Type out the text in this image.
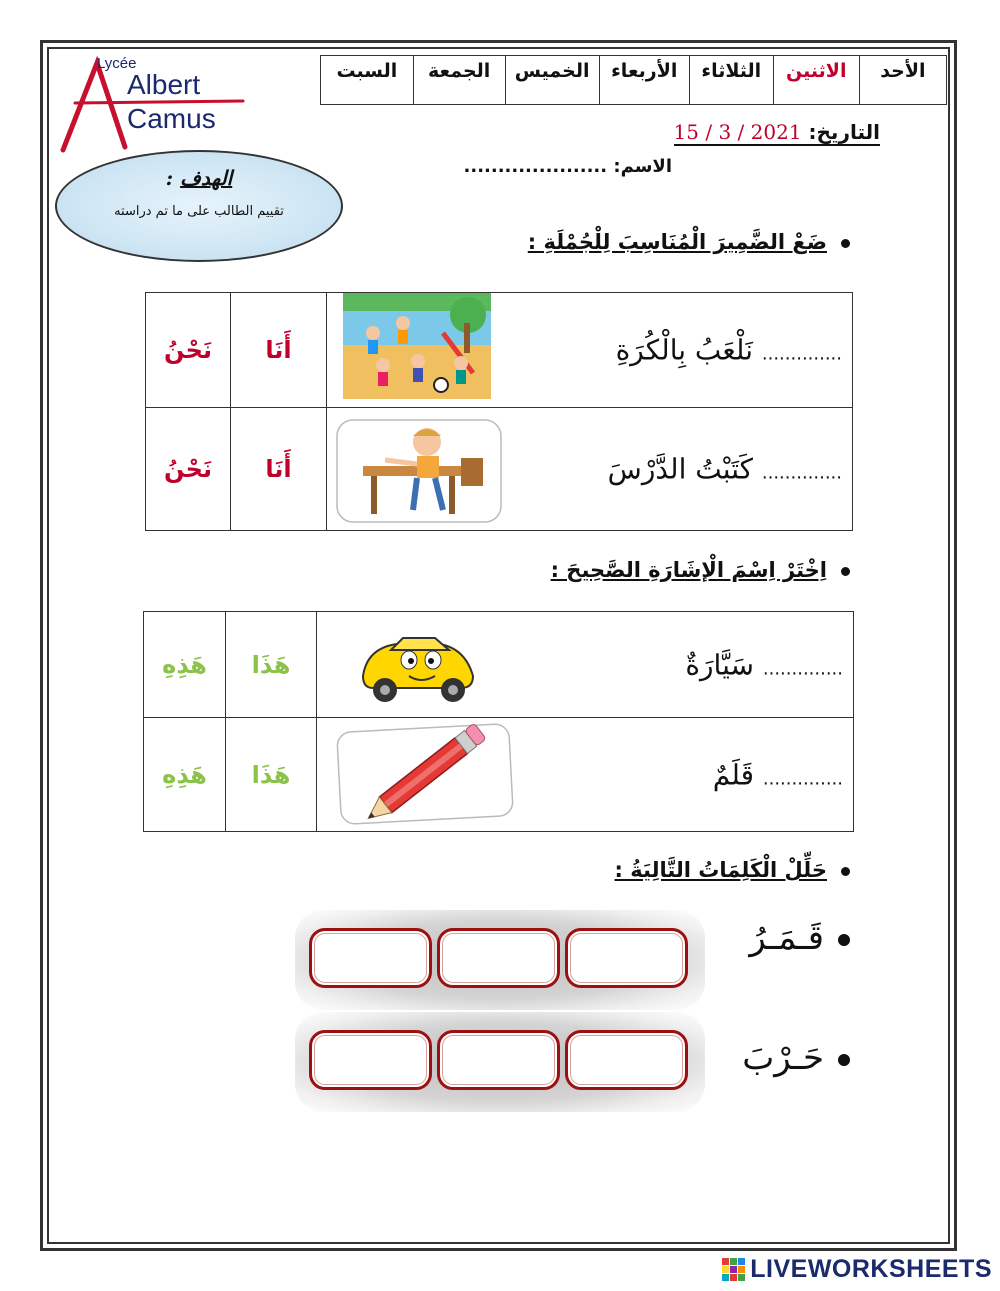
Lycée
Albert
Camus
الأحد	الاثنين	الثلاثاء	الأربعاء	الخميس	الجمعة	السبت
التاريخ: 2021 / 3 / 15
الاسم: .....................
الهدف :
تقييم الطالب على ما تم دراسته
ضَعْ الضَّمِيرَ الْمُنَاسِبَ لِلْجُمْلَةِ :
نَحْنُ	أَنَا	.............. نَلْعَبُ بِالْكُرَةِ

نَحْنُ	أَنَا	.............. كَتَبْتُ الدَّرْسَ
اِخْتَرْ اِسْمَ الْإشَارَةِ الصَّحِيحَ :
هَذِهِ	هَذَا	.............. سَيَّارَةٌ

هَذِهِ	هَذَا	.............. قَلَمٌ
حَلِّلْ الْكَلِمَاتُ التَّالِيَةُ :
قَـمَـرُ
حَـرْبَ
LIVEWORKSHEETS
